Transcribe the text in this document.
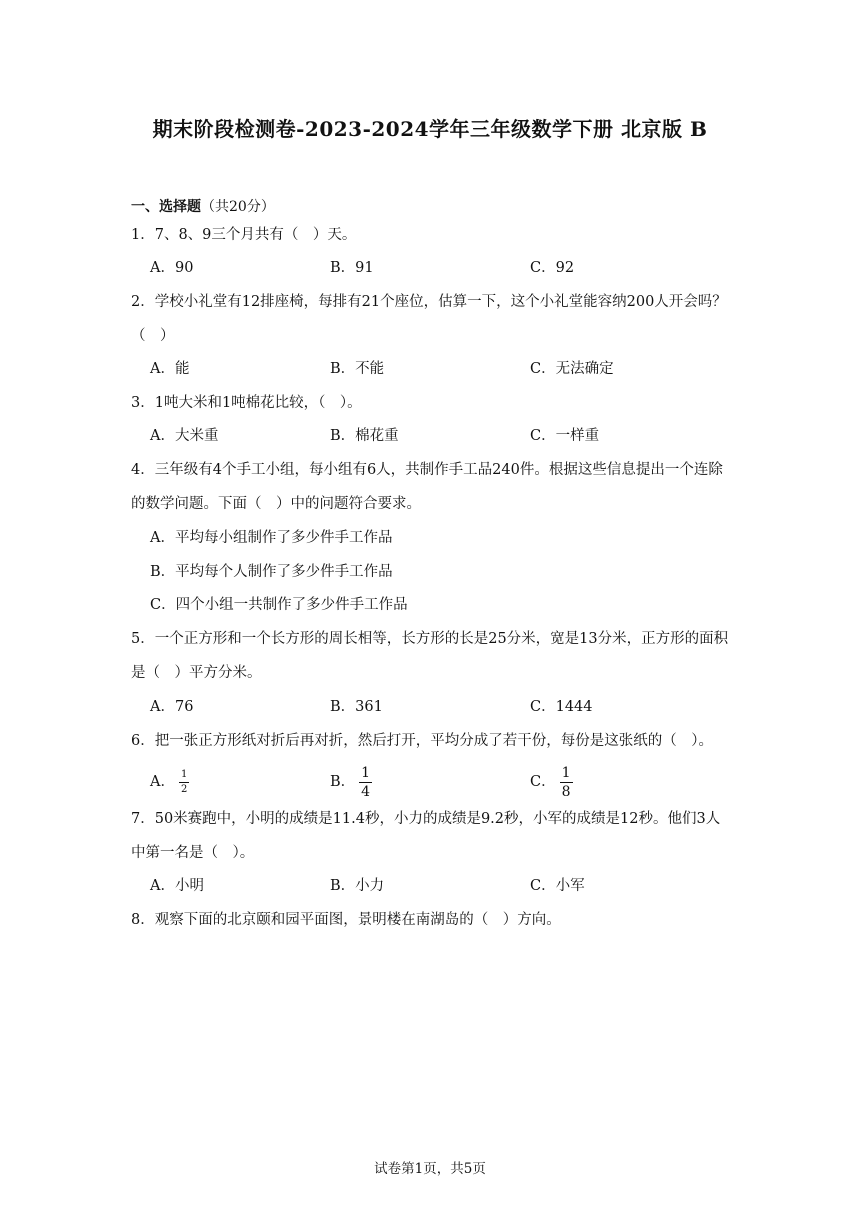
期末阶段检测卷-2023-2024学年三年级数学下册 北京版 B
一、选择题（共20分）
1．7、8、9三个月共有（　）天。
A．90	B．91	C．92
2．学校小礼堂有12排座椅，每排有21个座位，估算一下，这个小礼堂能容纳200人开会吗？（　）
A．能	B．不能	C．无法确定
3．1吨大米和1吨棉花比较，（　）。
A．大米重	B．棉花重	C．一样重
4．三年级有4个手工小组，每小组有6人，共制作手工品240件。根据这些信息提出一个连除的数学问题。下面（　）中的问题符合要求。
A．平均每小组制作了多少件手工作品
B．平均每个人制作了多少件手工作品
C．四个小组一共制作了多少件手工作品
5．一个正方形和一个长方形的周长相等，长方形的长是25分米，宽是13分米，正方形的面积是（　）平方分米。
A．76	B．361	C．1444
6．把一张正方形纸对折后再对折，然后打开，平均分成了若干份，每份是这张纸的（　）。
A． $\frac{1}{2}$	B． $\frac{1}{4}$	C． $\frac{1}{8}$
7．50米赛跑中，小明的成绩是11.4秒，小力的成绩是9.2秒，小军的成绩是12秒。他们3人中第一名是（　）。
A．小明	B．小力	C．小军
8．观察下面的北京颐和园平面图，景明楼在南湖岛的（　）方向。
试卷第1页，共5页
